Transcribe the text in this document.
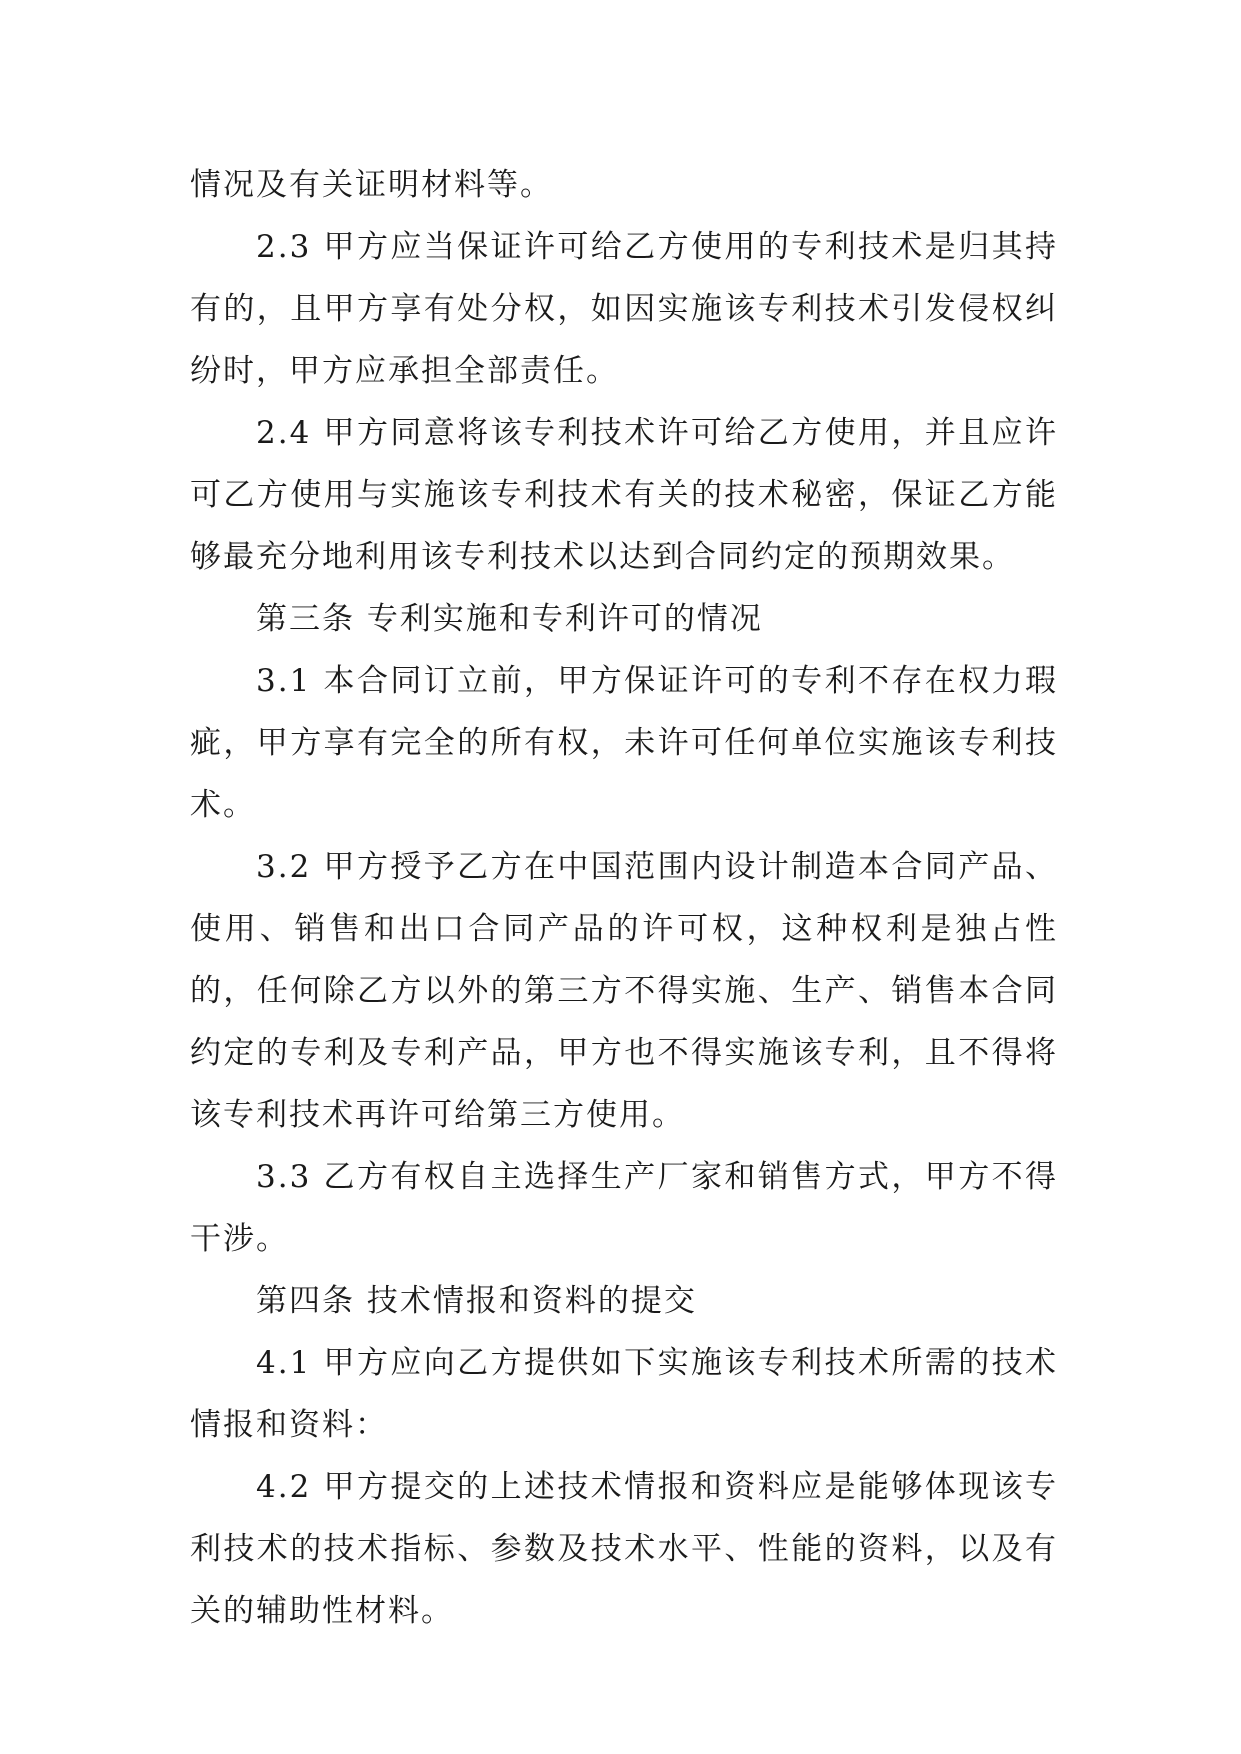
情况及有关证明材料等。

2.3 甲方应当保证许可给乙方使用的专利技术是归其持有的，且甲方享有处分权，如因实施该专利技术引发侵权纠纷时，甲方应承担全部责任。

2.4 甲方同意将该专利技术许可给乙方使用，并且应许可乙方使用与实施该专利技术有关的技术秘密，保证乙方能够最充分地利用该专利技术以达到合同约定的预期效果。

第三条 专利实施和专利许可的情况

3.1 本合同订立前，甲方保证许可的专利不存在权力瑕疵，甲方享有完全的所有权，未许可任何单位实施该专利技术。

3.2 甲方授予乙方在中国范围内设计制造本合同产品、使用、销售和出口合同产品的许可权，这种权利是独占性的，任何除乙方以外的第三方不得实施、生产、销售本合同约定的专利及专利产品，甲方也不得实施该专利，且不得将该专利技术再许可给第三方使用。

3.3 乙方有权自主选择生产厂家和销售方式，甲方不得干涉。

第四条 技术情报和资料的提交

4.1 甲方应向乙方提供如下实施该专利技术所需的技术情报和资料：

4.2 甲方提交的上述技术情报和资料应是能够体现该专利技术的技术指标、参数及技术水平、性能的资料，以及有关的辅助性材料。
